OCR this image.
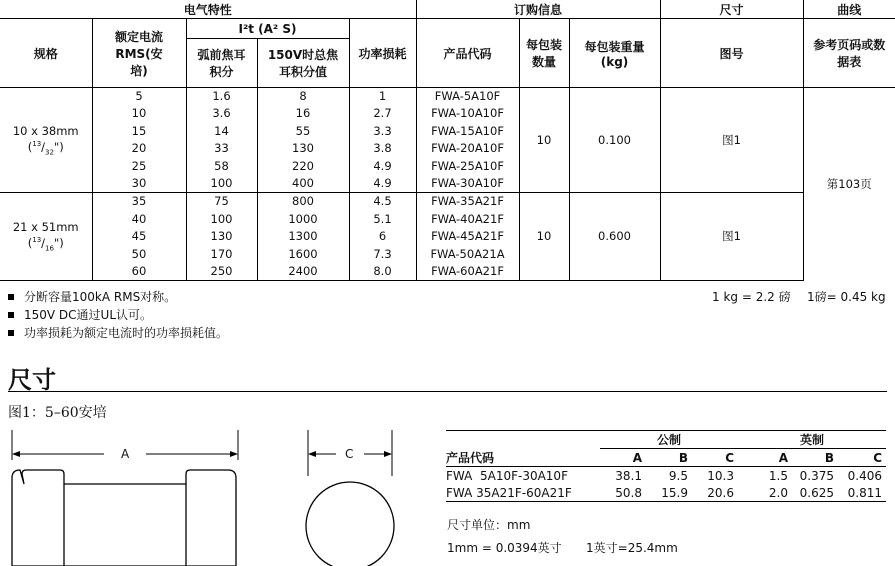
电气特性					订购信息			尺寸	曲线
规格	额定电流 RMS(安培)	I²t (A² S)		功率损耗	产品代码	每包装数量	每包装重量(kg)	图号	参考页码或数据表

		弧前焦耳积分	150V时总焦耳积分值						

10 x 38mm
$(^{13}/_{32}")$	5	1.6	8	1	FWA-5A10F	10	0.100	图1	第103页
	10	3.6	16	2.7	FWA-10A10F				
	15	14	55	3.3	FWA-15A10F				
	20	33	130	3.8	FWA-20A10F				
	25	58	220	4.9	FWA-25A10F				
	30	100	400	4.9	FWA-30A10F				
21 x 51mm
$(^{13}/_{16}")$	35	75	800	4.5	FWA-35A21F	10	0.600	图1	
	40	100	1000	5.1	FWA-40A21F				
	45	130	1300	6	FWA-45A21F				
	50	170	1600	7.3	FWA-50A21A				
	60	250	2400	8.0	FWA-60A21F				
分断容量100kA RMS对称。
150V DC通过UL认可。
功率损耗为额定电流时的功率损耗值。
1 kg = 2.2 磅 1磅= 0.45 kg
尺寸
图1：5–60安培
A	C
	公制			英制		
产品代码	A	B	C	A	B	C
FWA 5A10F-30A10F	38.1	9.5	10.3	1.5	0.375	0.406
FWA 35A21F-60A21F	50.8	15.9	20.6	2.0	0.625	0.811
尺寸单位：mm
1mm = 0.0394英寸 1英寸=25.4mm
